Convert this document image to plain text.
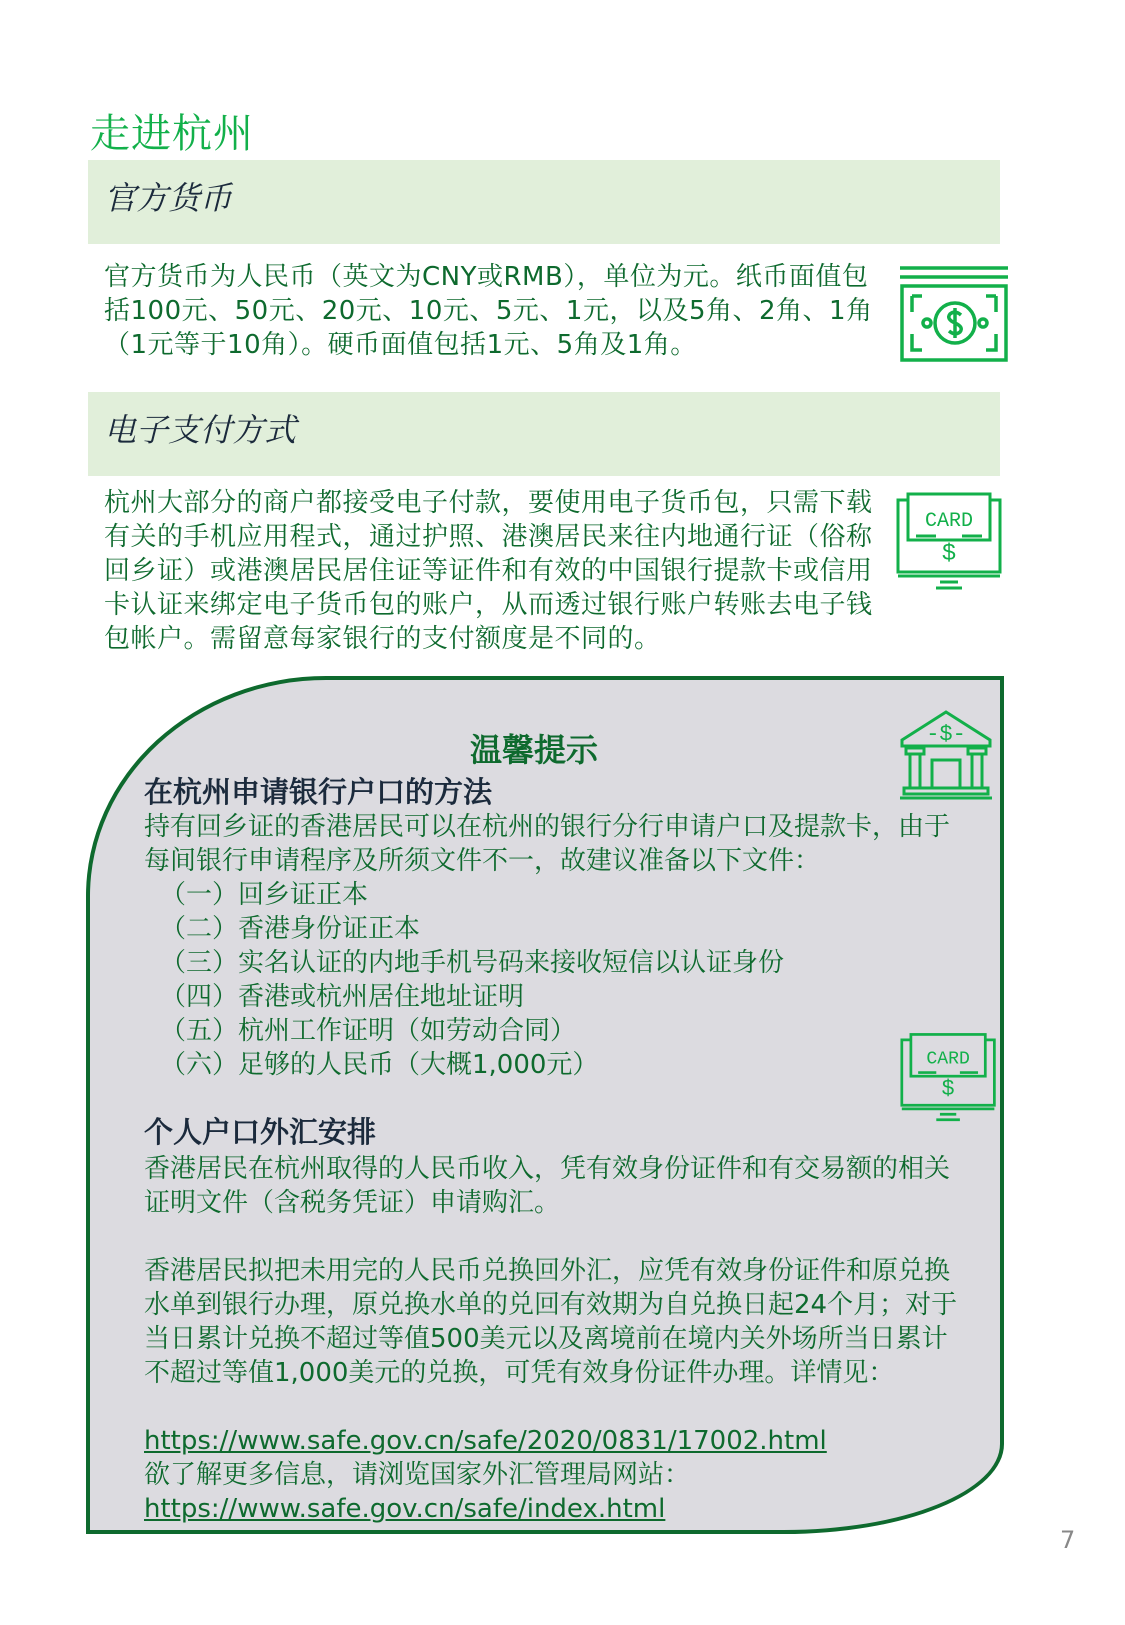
走进杭州
官方货币
官方货币为人民币（英文为CNY或RMB），单位为元。纸币面值包括100元、50元、20元、10元、5元、1元，以及5角、2角、1角（1元等于10角）。硬币面值包括1元、5角及1角。
电子支付方式
杭州大部分的商户都接受电子付款，要使用电子货币包，只需下载有关的手机应用程式，通过护照、港澳居民来往内地通行证（俗称回乡证）或港澳居民居住证等证件和有效的中国银行提款卡或信用卡认证来绑定电子货币包的账户，从而透过银行账户转账去电子钱包帐户。需留意每家银行的支付额度是不同的。
CARD
$
温馨提示	-$-
在杭州申请银行户口的方法
持有回乡证的香港居民可以在杭州的银行分行申请户口及提款卡，由于每间银行申请程序及所须文件不一，故建议准备以下文件：
（一）回乡证正本
（二）香港身份证正本
（三）实名认证的内地手机号码来接收短信以认证身份
（四）香港或杭州居住地址证明
（五）杭州工作证明（如劳动合同）
（六）足够的人民币（大概1,000元）	CARD
$
个人户口外汇安排
香港居民在杭州取得的人民币收入，凭有效身份证件和有交易额的相关证明文件（含税务凭证）申请购汇。
香港居民拟把未用完的人民币兑换回外汇，应凭有效身份证件和原兑换水单到银行办理，原兑换水单的兑回有效期为自兑换日起24个月；对于当日累计兑换不超过等值500美元以及离境前在境内关外场所当日累计不超过等值1,000美元的兑换，可凭有效身份证件办理。详情见：
https://www.safe.gov.cn/safe/2020/0831/17002.html
欲了解更多信息，请浏览国家外汇管理局网站：
https://www.safe.gov.cn/safe/index.html
7
